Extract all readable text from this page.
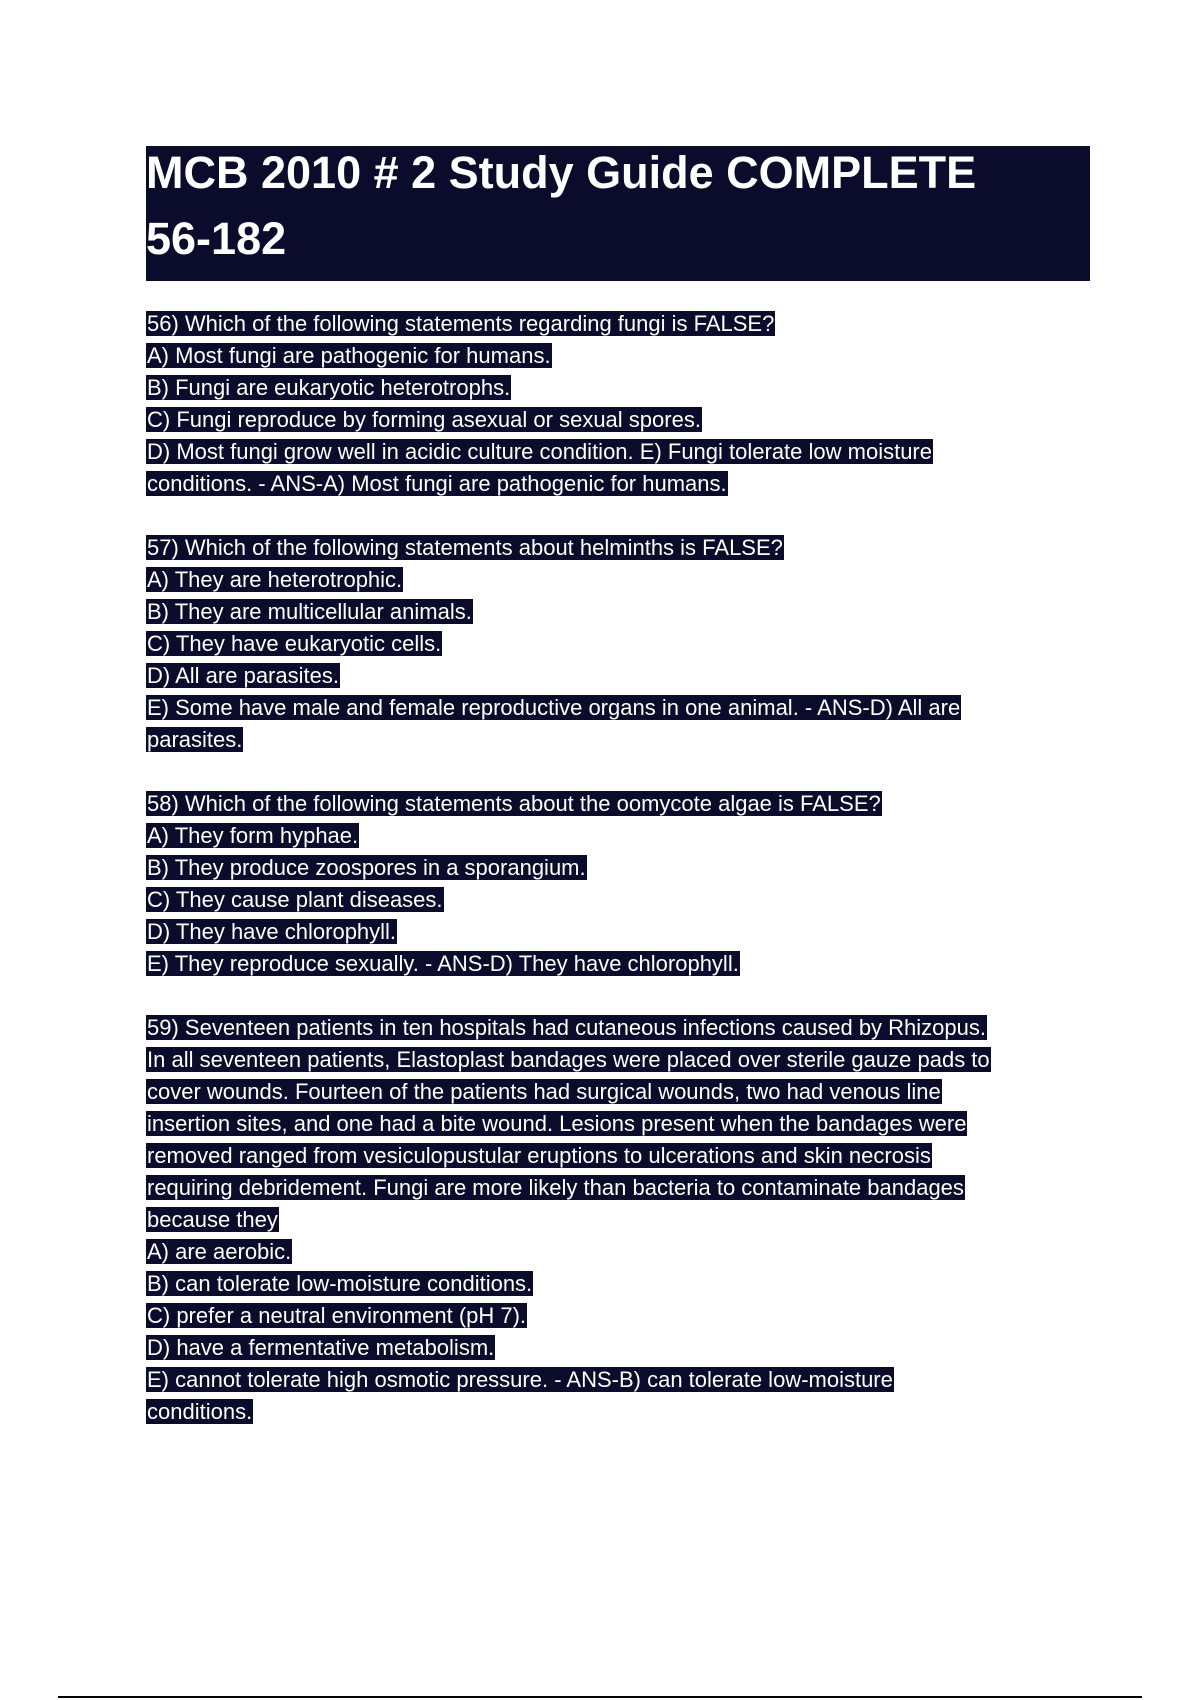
MCB 2010 # 2 Study Guide COMPLETE
56-182
56) Which of the following statements regarding fungi is FALSE?
A) Most fungi are pathogenic for humans.
B) Fungi are eukaryotic heterotrophs.
C) Fungi reproduce by forming asexual or sexual spores.
D) Most fungi grow well in acidic culture condition. E) Fungi tolerate low moisture
conditions. - ANS-A) Most fungi are pathogenic for humans.
57) Which of the following statements about helminths is FALSE?
A) They are heterotrophic.
B) They are multicellular animals.
C) They have eukaryotic cells.
D) All are parasites.
E) Some have male and female reproductive organs in one animal. - ANS-D) All are
parasites.
58) Which of the following statements about the oomycote algae is FALSE?
A) They form hyphae.
B) They produce zoospores in a sporangium.
C) They cause plant diseases.
D) They have chlorophyll.
E) They reproduce sexually. - ANS-D) They have chlorophyll.
59) Seventeen patients in ten hospitals had cutaneous infections caused by Rhizopus.
In all seventeen patients, Elastoplast bandages were placed over sterile gauze pads to
cover wounds. Fourteen of the patients had surgical wounds, two had venous line
insertion sites, and one had a bite wound. Lesions present when the bandages were
removed ranged from vesiculopustular eruptions to ulcerations and skin necrosis
requiring debridement. Fungi are more likely than bacteria to contaminate bandages
because they
A) are aerobic.
B) can tolerate low-moisture conditions.
C) prefer a neutral environment (pH 7).
D) have a fermentative metabolism.
E) cannot tolerate high osmotic pressure. - ANS-B) can tolerate low-moisture
conditions.
